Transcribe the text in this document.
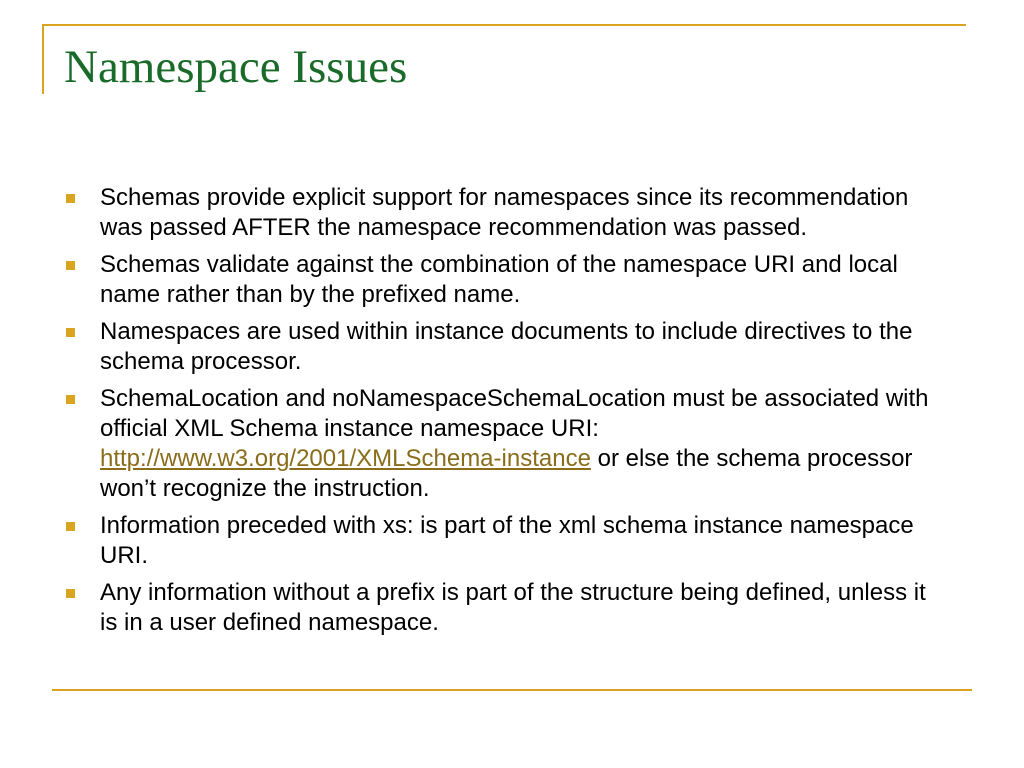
Namespace Issues
Schemas provide explicit support for namespaces since its recommendation was passed AFTER the namespace recommendation was passed.
Schemas validate against the combination of the namespace URI and local name rather than by the prefixed name.
Namespaces are used within instance documents to include directives to the schema processor.
SchemaLocation and noNamespaceSchemaLocation must be associated with official XML Schema instance namespace URI: http://www.w3.org/2001/XMLSchema-instance or else the schema processor won’t recognize the instruction.
Information preceded with xs: is part of the xml schema instance namespace URI.
Any information without a prefix is part of the structure being defined, unless it is in a user defined namespace.
